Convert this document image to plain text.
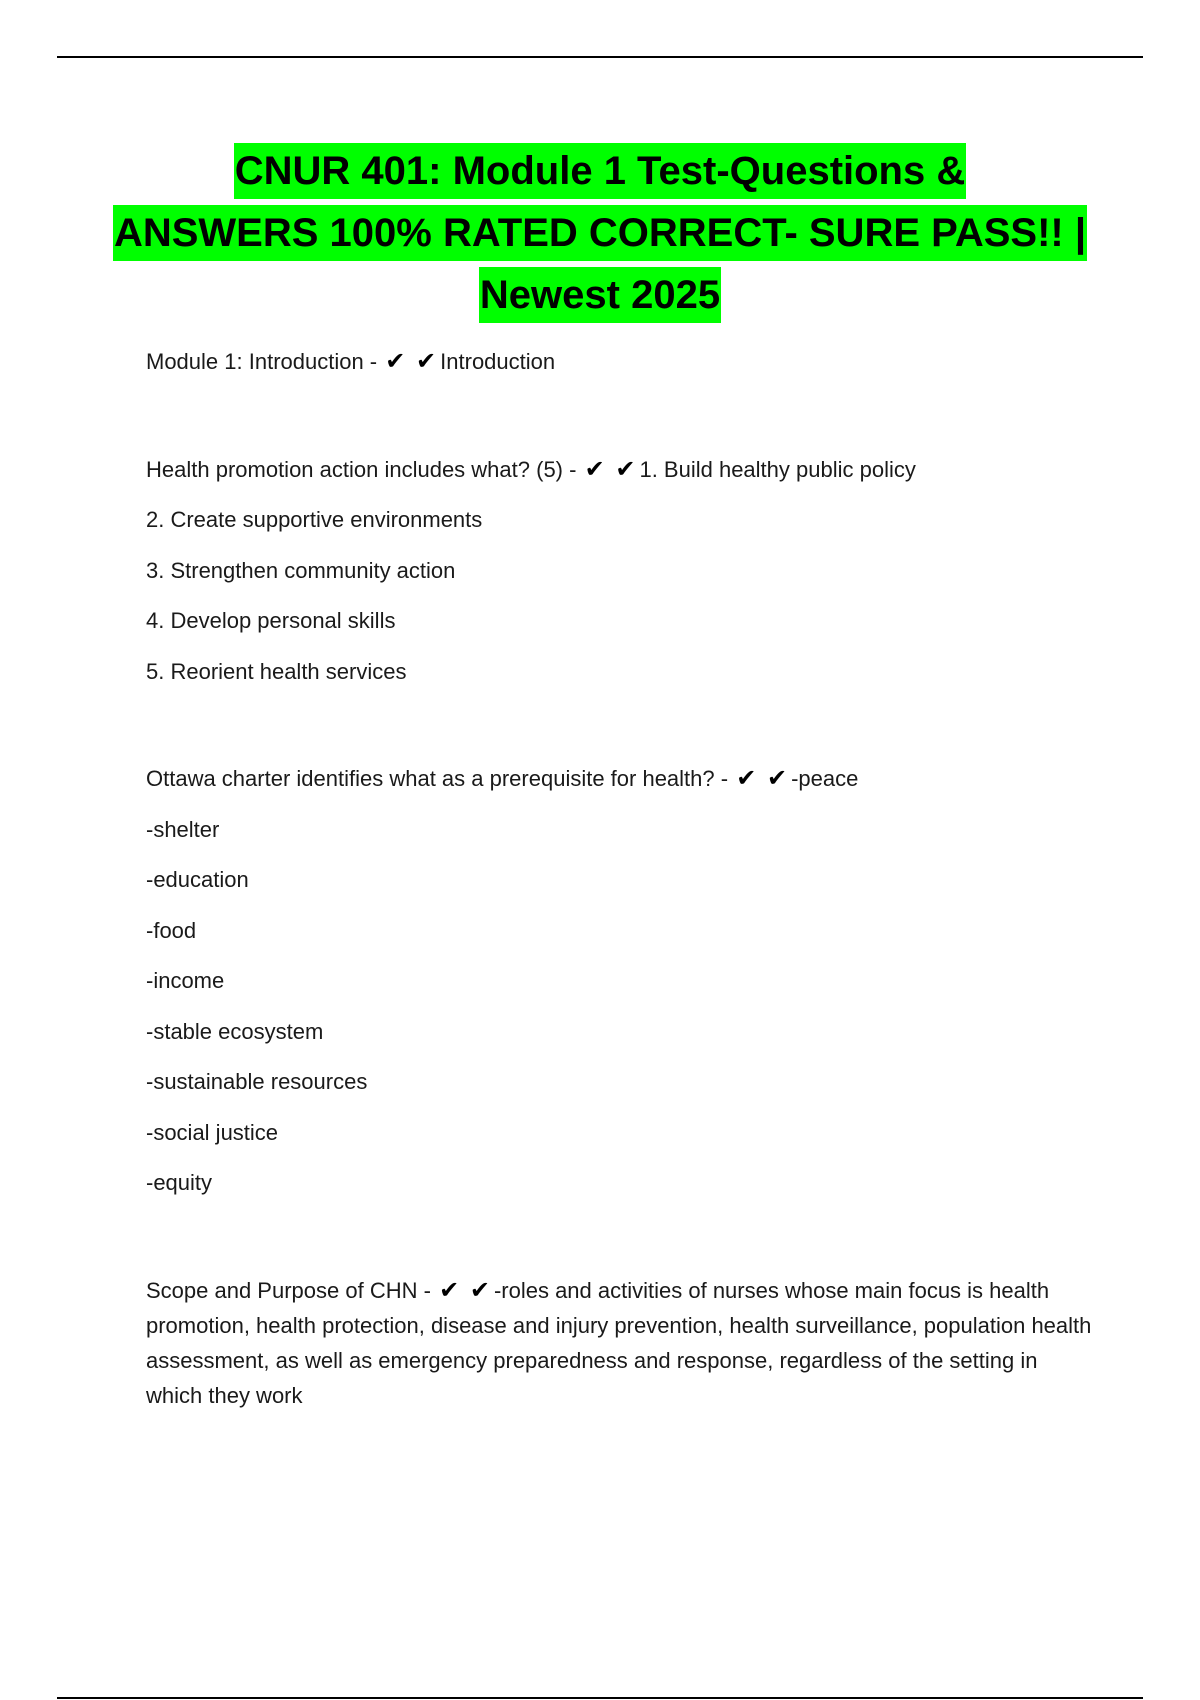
CNUR 401: Module 1 Test-Questions &
ANSWERS 100% RATED CORRECT- SURE PASS!! |
Newest 2025
Module 1: Introduction - ✔ ✔Introduction
Health promotion action includes what? (5) - ✔ ✔1. Build healthy public policy
2. Create supportive environments
3. Strengthen community action
4. Develop personal skills
5. Reorient health services
Ottawa charter identifies what as a prerequisite for health? - ✔ ✔-peace
-shelter
-education
-food
-income
-stable ecosystem
-sustainable resources
-social justice
-equity
Scope and Purpose of CHN - ✔ ✔-roles and activities of nurses whose main focus is health promotion, health protection, disease and injury prevention, health surveillance, population health assessment, as well as emergency preparedness and response, regardless of the setting in which they work
